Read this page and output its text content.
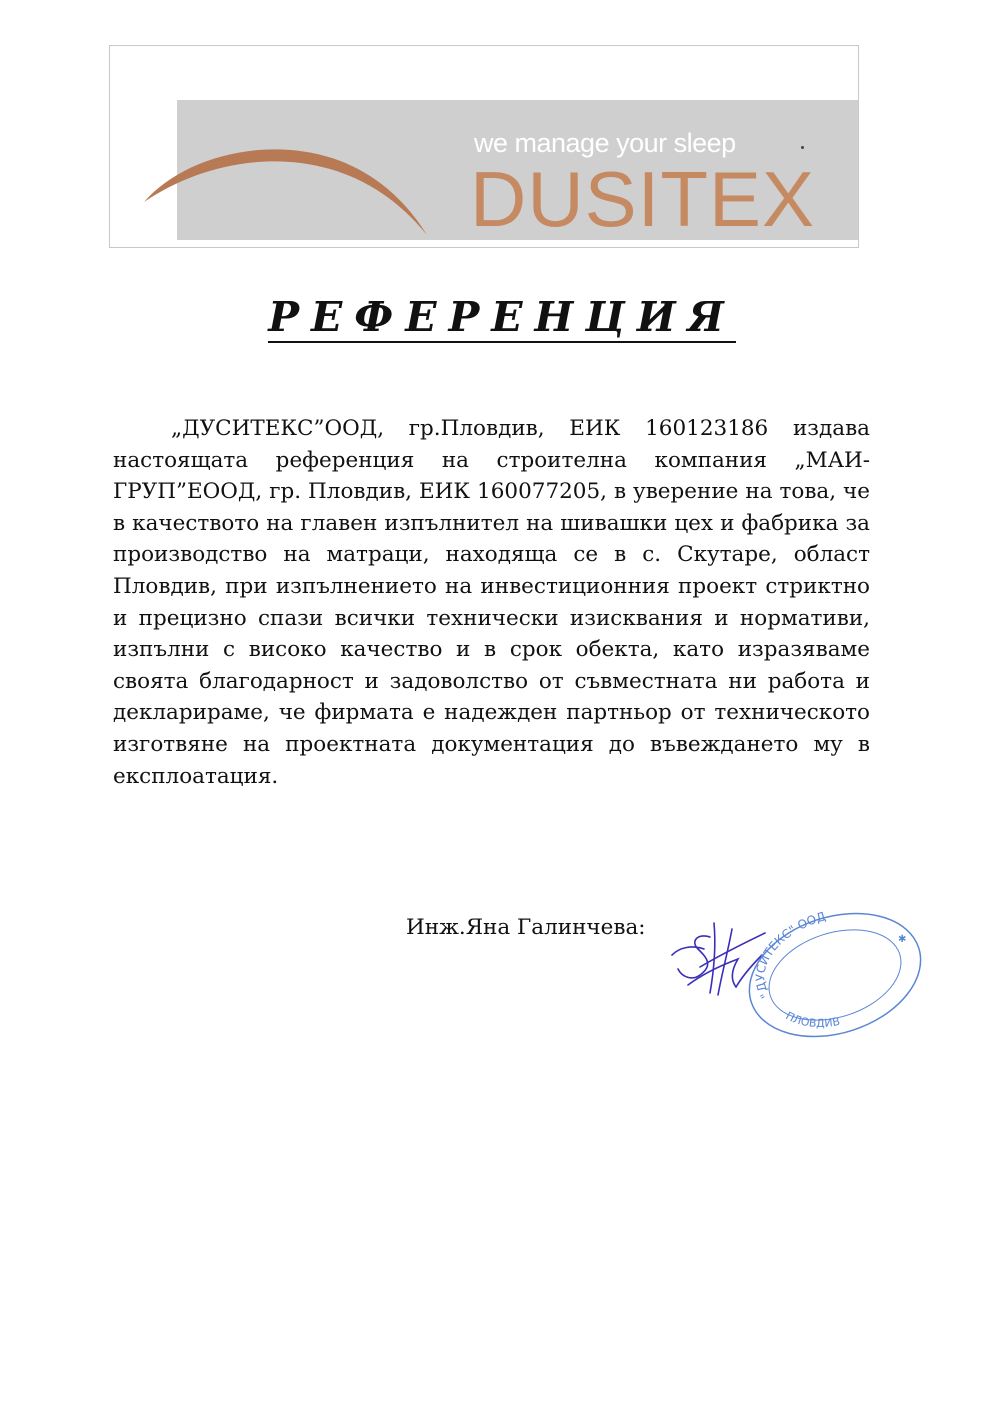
we manage your sleep
DUSITEX
РЕФЕРЕНЦИЯ
„ДУСИТЕКС”ООД, гр.Пловдив, ЕИК 160123186 издава настоящата референция на строителна компания „МАИ-ГРУП”ЕООД, гр. Пловдив, ЕИК 160077205, в уверение на това, че в качеството на главен изпълнител на шивашки цех и фабрика за производство на матраци, находяща се в с. Скутаре, област Пловдив, при изпълнението на инвестиционния проект стриктно и прецизно спази всички технически изисквания и нормативи, изпълни с високо качество и в срок обекта, като изразяваме своята благодарност и задоволство от съвместната ни работа и декларираме, че фирмата е надежден партньор от техническото изготвяне на проектната документация до въвеждането му в експлоатация.
Инж.Яна Галинчева:
"ДУСИТЕКС" ООД
ПЛОВДИВ
✱
